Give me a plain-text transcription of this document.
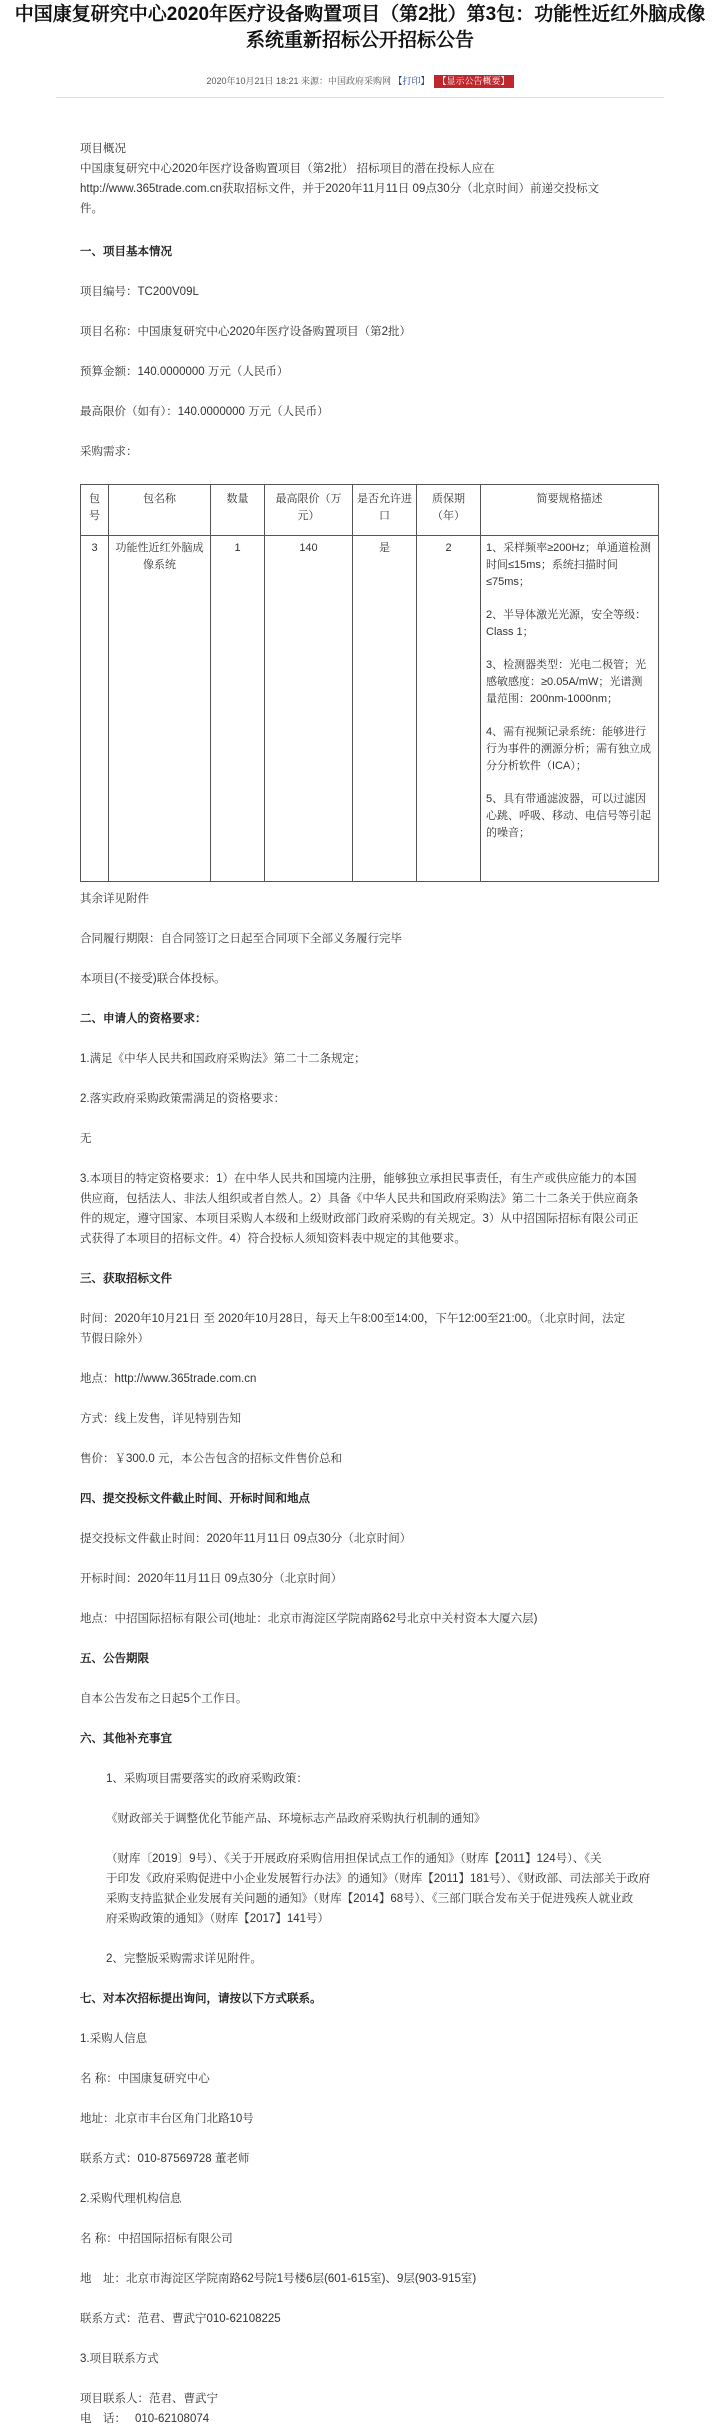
中国康复研究中心2020年医疗设备购置项目（第2批）第3包：功能性近红外脑成像
系统重新招标公开招标公告
2020年10月21日 18:21 来源：中国政府采购网 【打印】 【显示公告概要】
项目概况
中国康复研究中心2020年医疗设备购置项目（第2批） 招标项目的潜在投标人应在
http://www.365trade.com.cn获取招标文件，并于2020年11月11日 09点30分（北京时间）前递交投标文
件。
一、项目基本情况
项目编号：TC200V09L
项目名称：中国康复研究中心2020年医疗设备购置项目（第2批）
预算金额：140.0000000 万元（人民币）
最高限价（如有）：140.0000000 万元（人民币）
采购需求：
包号	包名称	数量	最高限价（万元）	是否允许进口	质保期（年）	简要规格描述
3	功能性近红外脑成像系统	1	140	是	2	1、采样频率≥200Hz；单通道检测时间≤15ms；系统扫描时间≤75ms；

2、半导体激光光源，安全等级：Class 1；

3、检测器类型：光电二极管；光感敏感度：≥0.05A/mW；光谱测量范围：200nm-1000nm；

4、需有视频记录系统：能够进行行为事件的溯源分析；需有独立成分分析软件（ICA）；

5、具有带通滤波器，可以过滤因心跳、呼吸、移动、电信号等引起的噪音；

其余详见附件
合同履行期限：自合同签订之日起至合同项下全部义务履行完毕
本项目(不接受)联合体投标。
二、申请人的资格要求：
1.满足《中华人民共和国政府采购法》第二十二条规定；
2.落实政府采购政策需满足的资格要求：
无
3.本项目的特定资格要求：1）在中华人民共和国境内注册，能够独立承担民事责任，有生产或供应能力的本国
供应商，包括法人、非法人组织或者自然人。2）具备《中华人民共和国政府采购法》第二十二条关于供应商条
件的规定，遵守国家、本项目采购人本级和上级财政部门政府采购的有关规定。3）从中招国际招标有限公司正
式获得了本项目的招标文件。4）符合投标人须知资料表中规定的其他要求。
三、获取招标文件
时间：2020年10月21日 至 2020年10月28日，每天上午8:00至14:00，下午12:00至21:00。（北京时间，法定
节假日除外）
地点：http://www.365trade.com.cn
方式：线上发售，详见特别告知
售价：￥300.0 元，本公告包含的招标文件售价总和
四、提交投标文件截止时间、开标时间和地点
提交投标文件截止时间：2020年11月11日 09点30分（北京时间）
开标时间：2020年11月11日 09点30分（北京时间）
地点：中招国际招标有限公司(地址：北京市海淀区学院南路62号北京中关村资本大厦六层)
五、公告期限
自本公告发布之日起5个工作日。
六、其他补充事宜
1、采购项目需要落实的政府采购政策：
《财政部关于调整优化节能产品、环境标志产品政府采购执行机制的通知》
（财库〔2019〕9号）、《关于开展政府采购信用担保试点工作的通知》（财库【2011】124号）、《关
于印发《政府采购促进中小企业发展暂行办法》的通知》（财库【2011】181号）、《财政部、司法部关于政府
采购支持监狱企业发展有关问题的通知》（财库【2014】68号）、《三部门联合发布关于促进残疾人就业政
府采购政策的通知》（财库【2017】141号）
2、完整版采购需求详见附件。
七、对本次招标提出询问，请按以下方式联系。
1.采购人信息
名 称：中国康复研究中心
地址：北京市丰台区角门北路10号
联系方式：010-87569728 董老师
2.采购代理机构信息
名 称：中招国际招标有限公司
地　址：北京市海淀区学院南路62号院1号楼6层(601-615室)、9层(903-915室)
联系方式：范君、曹武宁010-62108225
3.项目联系方式
项目联系人：范君、曹武宁
电　话：　 010-62108074
